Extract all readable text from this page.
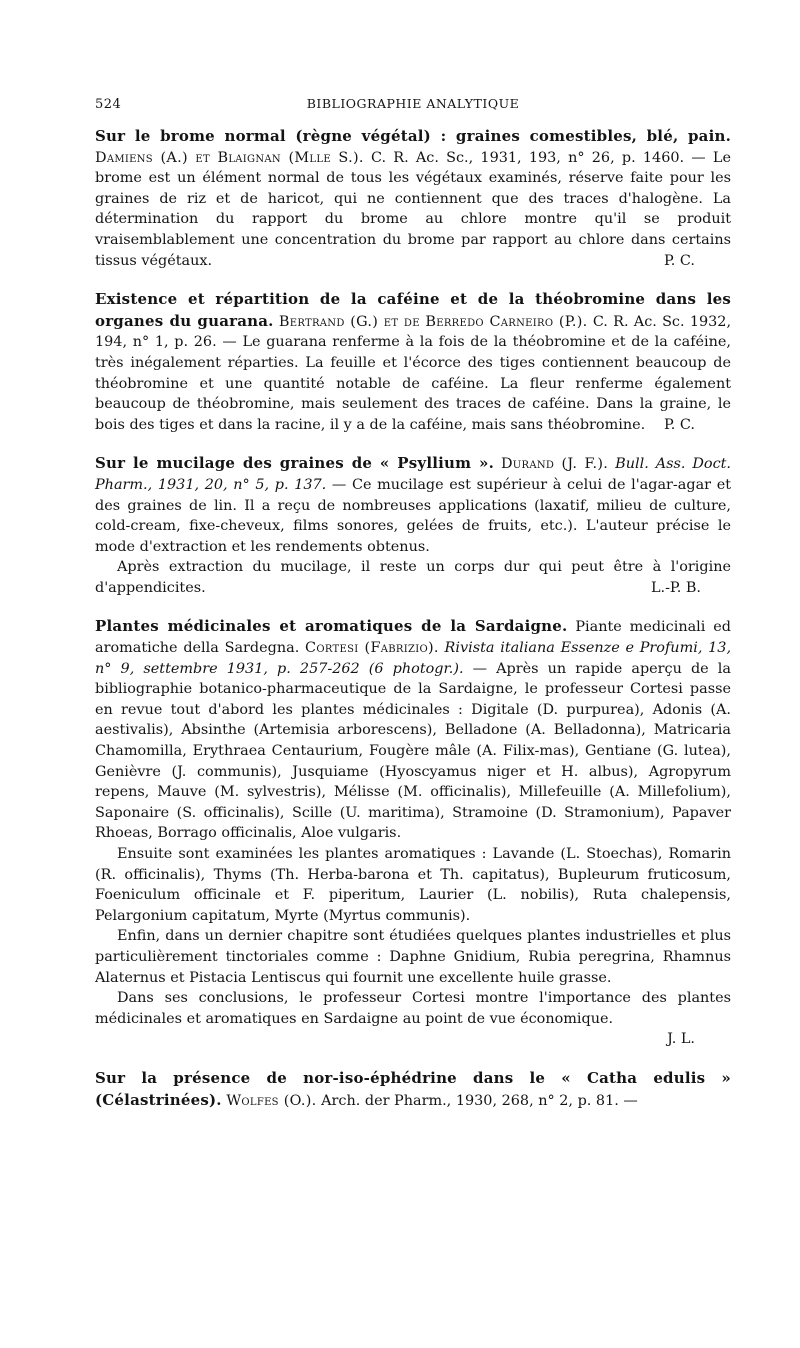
524	BIBLIOGRAPHIE ANALYTIQUE

Sur le brome normal (règne végétal) : graines comestibles, blé, pain. Damiens (A.) et Blaignan (Mlle S.). C. R. Ac. Sc., 1931, 193, n° 26, p. 1460. — Le brome est un élément normal de tous les végétaux examinés, réserve faite pour les graines de riz et de haricot, qui ne contiennent que des traces d'halogène. La détermination du rapport du brome au chlore montre qu'il se produit vraisemblablement une concentration du brome par rapport au chlore dans certains tissus végétaux.	P. C.

Existence et répartition de la caféine et de la théobromine dans les organes du guarana. Bertrand (G.) et de Berredo Carneiro (P.). C. R. Ac. Sc. 1932, 194, n° 1, p. 26. — Le guarana renferme à la fois de la théobromine et de la caféine, très inégalement réparties. La feuille et l'écorce des tiges contiennent beaucoup de théobromine et une quantité notable de caféine. La fleur renferme également beaucoup de théobromine, mais seulement des traces de caféine. Dans la graine, le bois des tiges et dans la racine, il y a de la caféine, mais sans théobromine. P. C.

Sur le mucilage des graines de « Psyllium ». Durand (J. F.). Bull. Ass. Doct. Pharm., 1931, 20, n° 5, p. 137. — Ce mucilage est supérieur à celui de l'agar-agar et des graines de lin. Il a reçu de nombreuses applications (laxatif, milieu de culture, cold-cream, fixe-cheveux, films sonores, gelées de fruits, etc.). L'auteur précise le mode d'extraction et les rendements obtenus.

Après extraction du mucilage, il reste un corps dur qui peut être à l'origine d'appendicites.	L.-P. B.

Plantes médicinales et aromatiques de la Sardaigne. Piante medicinali ed aromatiche della Sardegna. Cortesi (Fabrizio). Rivista italiana Essenze e Profumi, 13, n° 9, settembre 1931, p. 257-262 (6 photogr.). — Après un rapide aperçu de la bibliographie botanico-pharmaceutique de la Sardaigne, le professeur Cortesi passe en revue tout d'abord les plantes médicinales : Digitale (D. purpurea), Adonis (A. aestivalis), Absinthe (Artemisia arborescens), Belladone (A. Belladonna), Matricaria Chamomilla, Erythraea Centaurium, Fougère mâle (A. Filix-mas), Gentiane (G. lutea), Genièvre (J. communis), Jusquiame (Hyoscyamus niger et H. albus), Agropyrum repens, Mauve (M. sylvestris), Mélisse (M. officinalis), Millefeuille (A. Millefolium), Saponaire (S. officinalis), Scille (U. maritima), Stramoine (D. Stramonium), Papaver Rhoeas, Borrago officinalis, Aloe vulgaris.

Ensuite sont examinées les plantes aromatiques : Lavande (L. Stoechas), Romarin (R. officinalis), Thyms (Th. Herba-barona et Th. capitatus), Bupleurum fruticosum, Foeniculum officinale et F. piperitum, Laurier (L. nobilis), Ruta chalepensis, Pelargonium capitatum, Myrte (Myrtus communis).

Enfin, dans un dernier chapitre sont étudiées quelques plantes industrielles et plus particulièrement tinctoriales comme : Daphne Gnidium, Rubia peregrina, Rhamnus Alaternus et Pistacia Lentiscus qui fournit une excellente huile grasse.

Dans ses conclusions, le professeur Cortesi montre l'importance des plantes médicinales et aromatiques en Sardaigne au point de vue économique.

J. L.

Sur la présence de nor-iso-éphédrine dans le « Catha edulis » (Célastrinées). Wolfes (O.). Arch. der Pharm., 1930, 268, n° 2, p. 81. —
